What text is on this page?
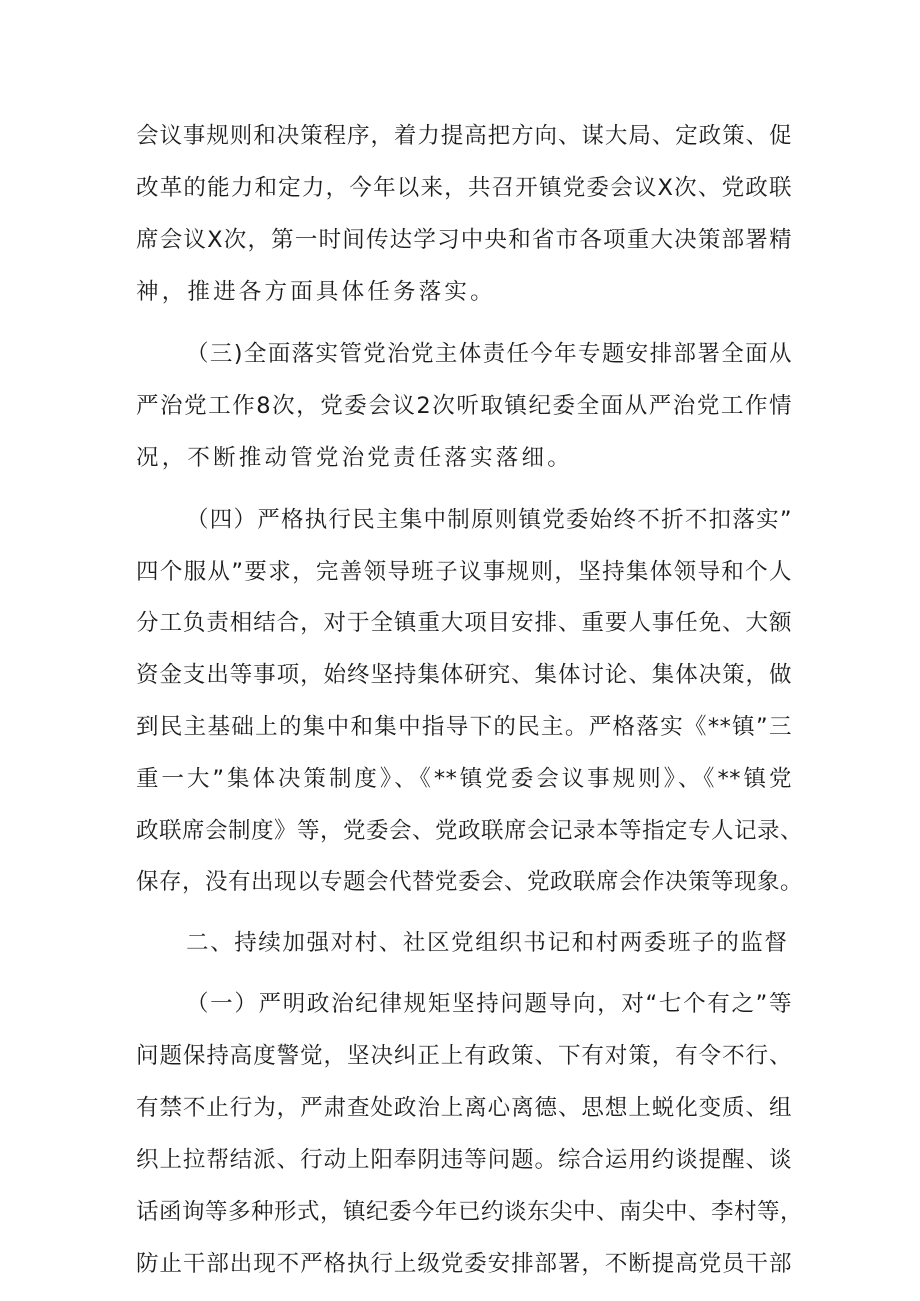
会议事规则和决策程序，着力提高把方向、谋大局、定政策、促
改革的能力和定力，今年以来，共召开镇党委会议X次、党政联
席会议X次，第一时间传达学习中央和省市各项重大决策部署精
神，推进各方面具体任务落实。
（三)全面落实管党治党主体责任今年专题安排部署全面从
严治党工作8次，党委会议2次听取镇纪委全面从严治党工作情
况，不断推动管党治党责任落实落细。
（四）严格执行民主集中制原则镇党委始终不折不扣落实”
四个服从”要求，完善领导班子议事规则，坚持集体领导和个人
分工负责相结合，对于全镇重大项目安排、重要人事任免、大额
资金支出等事项，始终坚持集体研究、集体讨论、集体决策，做
到民主基础上的集中和集中指导下的民主。严格落实《**镇”三
重一大”集体决策制度》、《**镇党委会议事规则》、《**镇党
政联席会制度》等，党委会、党政联席会记录本等指定专人记录、
保存，没有出现以专题会代替党委会、党政联席会作决策等现象。
二、持续加强对村、社区党组织书记和村两委班子的监督
（一）严明政治纪律规矩坚持问题导向，对“七个有之”等
问题保持高度警觉，坚决纠正上有政策、下有对策，有令不行、
有禁不止行为，严肃查处政治上离心离德、思想上蜕化变质、组
织上拉帮结派、行动上阳奉阴违等问题。综合运用约谈提醒、谈
话函询等多种形式，镇纪委今年已约谈东尖中、南尖中、李村等，
防止干部出现不严格执行上级党委安排部署，不断提高党员干部
